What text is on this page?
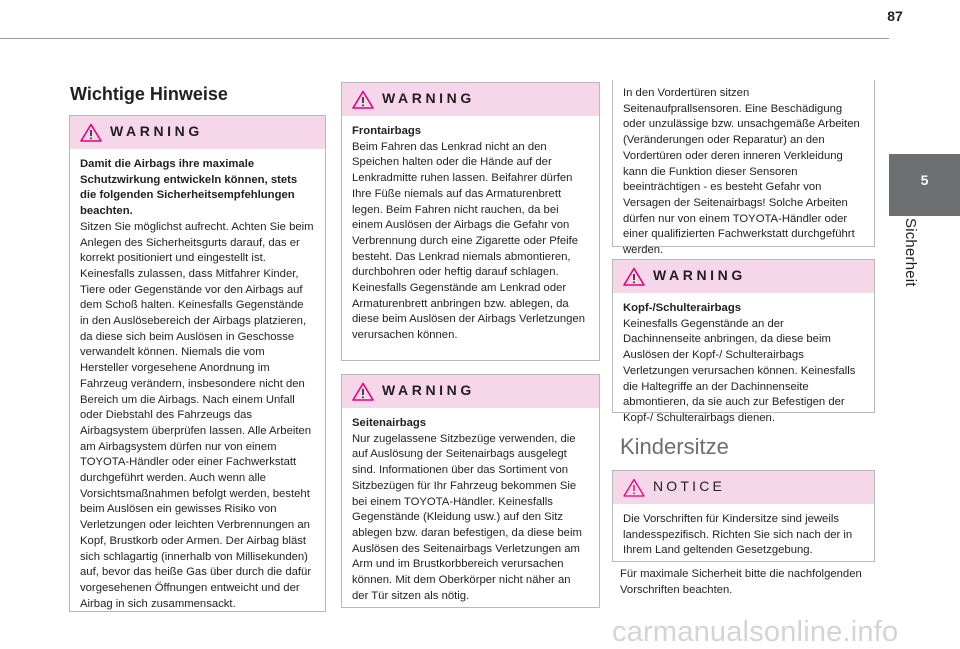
87
5
Sicherheit
Wichtige Hinweise
WARNING

Damit die Airbags ihre maximale Schutzwirkung entwickeln können, stets die folgenden Sicherheitsempfehlungen beachten.

Sitzen Sie möglichst aufrecht. Achten Sie beim Anlegen des Sicherheitsgurts darauf, das er korrekt positioniert und eingestellt ist. Keinesfalls zulassen, dass Mitfahrer Kinder, Tiere oder Gegenstände vor den Airbags auf dem Schoß halten. Keinesfalls Gegenstände in den Auslösebereich der Airbags platzieren, da diese sich beim Auslösen in Geschosse verwandelt können. Niemals die vom Hersteller vorgesehene Anordnung im Fahrzeug verändern, insbesondere nicht den Bereich um die Airbags. Nach einem Unfall oder Diebstahl des Fahrzeugs das Airbagsystem überprüfen lassen. Alle Arbeiten am Airbagsystem dürfen nur von einem TOYOTA-Händler oder einer Fachwerkstatt durchgeführt werden. Auch wenn alle Vorsichtsmaßnahmen befolgt werden, besteht beim Auslösen ein gewisses Risiko von Verletzungen oder leichten Verbrennungen an Kopf, Brustkorb oder Armen. Der Airbag bläst sich schlagartig (innerhalb von Millisekunden) auf, bevor das heiße Gas über durch die dafür vorgesehenen Öffnungen entweicht und der Airbag in sich zusammensackt.

WARNING

Frontairbags

Beim Fahren das Lenkrad nicht an den Speichen halten oder die Hände auf der Lenkradmitte ruhen lassen. Beifahrer dürfen Ihre Füße niemals auf das Armaturenbrett legen. Beim Fahren nicht rauchen, da bei einem Auslösen der Airbags die Gefahr von Verbrennung durch eine Zigarette oder Pfeife besteht. Das Lenkrad niemals abmontieren, durchbohren oder heftig darauf schlagen. Keinesfalls Gegenstände am Lenkrad oder Armaturenbrett anbringen bzw. ablegen, da diese beim Auslösen der Airbags Verletzungen verursachen können.

WARNING

Seitenairbags

Nur zugelassene Sitzbezüge verwenden, die auf Auslösung der Seitenairbags ausgelegt sind. Informationen über das Sortiment von Sitzbezügen für Ihr Fahrzeug bekommen Sie bei einem TOYOTA-Händler. Keinesfalls Gegenstände (Kleidung usw.) auf den Sitz ablegen bzw. daran befestigen, da diese beim Auslösen des Seitenairbags Verletzungen am Arm und im Brustkorbbereich verursachen können. Mit dem Oberkörper nicht näher an der Tür sitzen als nötig.

In den Vordertüren sitzen Seitenaufprallsensoren. Eine Beschädigung oder unzulässige bzw. unsachgemäße Arbeiten (Veränderungen oder Reparatur) an den Vordertüren oder deren inneren Verkleidung kann die Funktion dieser Sensoren beeinträchtigen - es besteht Gefahr von Versagen der Seitenairbags! Solche Arbeiten dürfen nur von einem TOYOTA-Händler oder einer qualifizierten Fachwerkstatt durchgeführt werden.

WARNING

Kopf-/Schulterairbags

Keinesfalls Gegenstände an der Dachinnenseite anbringen, da diese beim Auslösen der Kopf-/ Schulterairbags Verletzungen verursachen können. Keinesfalls die Haltegriffe an der Dachinnenseite abmontieren, da sie auch zur Befestigen der Kopf-/ Schulterairbags dienen.

Kindersitze
NOTICE

Die Vorschriften für Kindersitze sind jeweils landesspezifisch. Richten Sie sich nach der in Ihrem Land geltenden Gesetzgebung.

Für maximale Sicherheit bitte die nachfolgenden Vorschriften beachten.

carmanualsonline.info
